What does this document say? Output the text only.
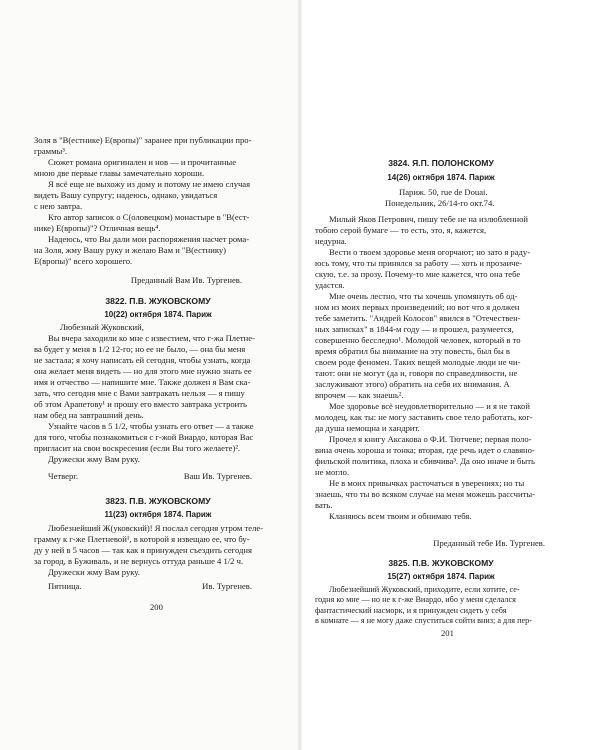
Золя в "В(естнике) Е(вропы)" заранее при публикации про-
граммы³.
Сюжет романа оригинален и нов — и прочитанные
мною две первые главы замечательно хороши.
Я всё еще не выхожу из дому и потому не имею случая
видеть Вашу супругу; надеюсь, однако, увидаться
с нею завтра.
Кто автор записок о С(оловецком) монастыре в "В(ест-
нике) Е(вропы)"? Отличная вещь⁴.
Надеюсь, что Вы дали мои распоряжения насчет рома-
на Золя, жму Вашу руку и желаю Вам и "В(естнику)
Е(вропы)" всего хорошего.
Преданный Вам Ив. Тургенев.
3822. П.В. ЖУКОВСКОМУ
10(22) октября 1874. Париж
Любезный Жуковский,
Вы вчера заходили ко мне с известием, что г-жа Плетне-
ва будет у меня в 1/2 12-го; но ее не было, — она бы меня
не застала; я хочу написать ей сегодня, чтобы узнать, когда
она желает меня видеть — но для этого мне нужно знать ее
имя и отчество — напишите мне. Также должен я Вам ска-
зать, что сегодня мне с Вами завтракать нельзя — я пишу
об этом Арапетову¹ и прошу его вместо завтрака устроить
нам обед на завтрашний день.
Узнайте часов в 5 1/2, чтобы узнать его ответ — а также
для того, чтобы познакомиться с г-жой Виардо, которая Вас
пригласит на свои воскресения (если Вы того желаете)².
Дружески жму Вам руку.
Четверг.	Ваш Ив. Тургенев.
3823. П.В. ЖУКОВСКОМУ
11(23) октября 1874. Париж
Любезнейший Ж(уковский)! Я послал сегодня утром теле-
грамму к г-же Плетневой¹, в которой я извещаю ее, что бу-
ду у ней в 5 часов — так как я принужден съездить сегодня
за город, в Буживаль, и не вернусь оттуда раньше 4 1/2 ч.
Дружески жму Вам руку.
Пятница.	Ив. Тургенев.
200
3824. Я.П. ПОЛОНСКОМУ
14(26) октября 1874. Париж
Париж. 50, rue de Douai.
Понедельник, 26/14-го окт.74.
Милый Яков Петрович, пишу тебе не на излюбленной
тобою серой бумаге — то есть, это, я, кажется,
недурна.
Вести о твоем здоровье меня огорчают; но зато я раду-
юсь тому, что ты принялся за работу — хоть и прозаиче-
скую, т.е. за прозу. Почему-то мне кажется, что она тебе
удастся.
Мне очень лестно, что ты хочешь упомянуть об од-
ном из моих первых произведений; но вот что я должен
тебе заметить. "Андрей Колосов" явился в "Отечествен-
ных записках" в 1844-м году — и прошел, разумеется,
совершенно бесследно¹. Молодой человек, который в то
время обратил бы внимание на эту повесть, был бы в
своем роде феномен. Таких вещей молодые люди не чи-
тают: они не могут (да и, говоря по справедливости, не
заслуживают этого) обратить на себя их внимания. А
впрочем — как знаешь².
Мое здоровье всё неудовлетворительно — и я не такой
молодец, как ты: не могу заставить свое тело работать, ког-
да душа немощна и хандрит.
Прочел я книгу Аксакова о Ф.И. Тютчеве; первая поло-
вина очень хороша и тонка; вторая, где речь идет о славяно-
фильской политика, плоха и сбивчива³. Да оно иначе и быть
не могло.
Не в моих привычках расточаться в уверениях; но ты
знаешь, что ты во всяком случае на меня можешь рассчиты-
вать.
Кланяюсь всем твоим и обнимаю тебя.
Преданный тебе Ив. Тургенев.
3825. П.В. ЖУКОВСКОМУ
15(27) октября 1874. Париж
Любезнейший Жуковский, приходите, если хотите, се-
годня ко мне — но не к г-же Виардо, ибо у меня сделался
фантастический насморк, и я принужден сидеть у себя
в комнате — я не могу даже спуститься сойти вниз; а для пер-
201
